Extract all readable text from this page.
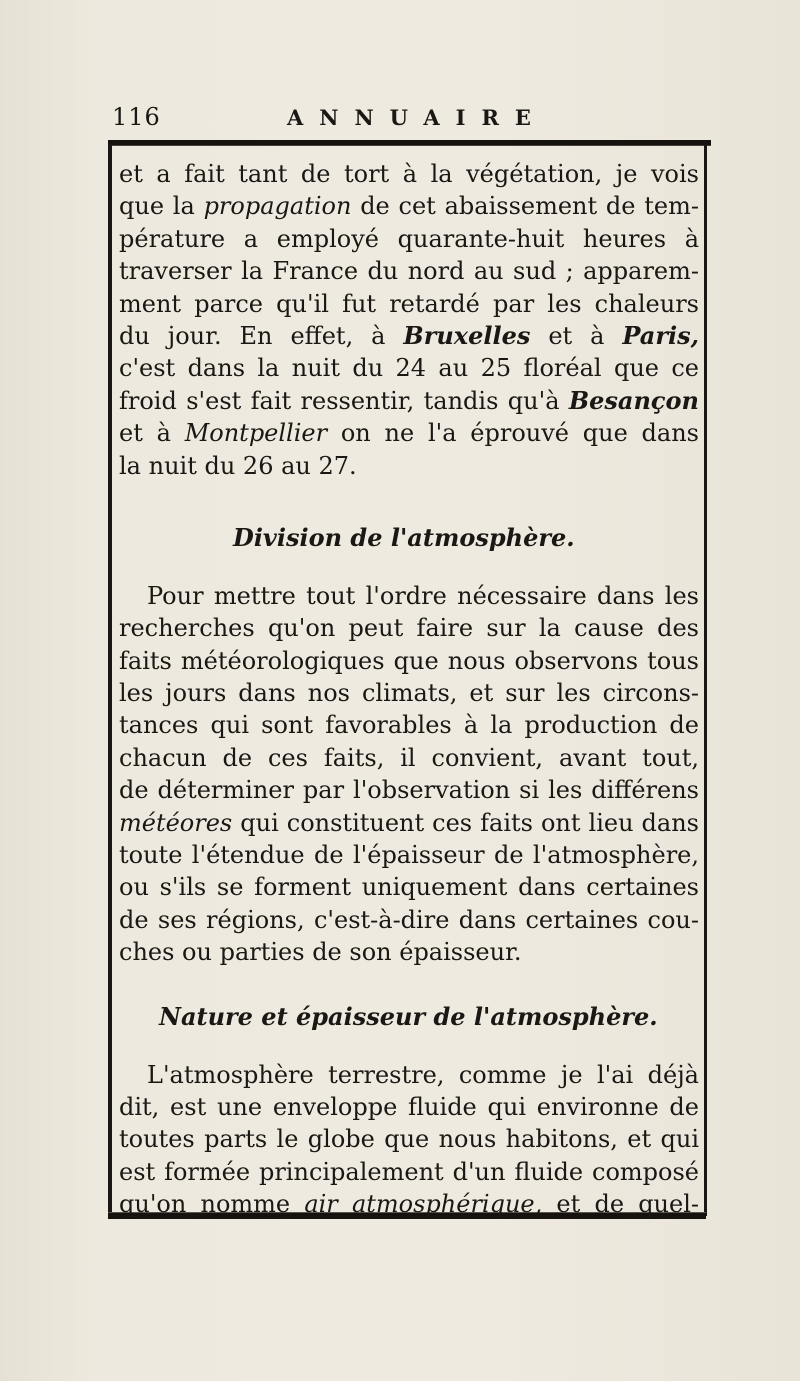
116	ANNUAIRE
et a fait tant de tort à la végétation, je vois
que la propagation de cet abaissement de tem-
pérature a employé quarante-huit heures à
traverser la France du nord au sud ; apparem-
ment parce qu'il fut retardé par les chaleurs
du jour. En effet, à Bruxelles et à Paris,
c'est dans la nuit du 24 au 25 floréal que ce
froid s'est fait ressentir, tandis qu'à Besançon
et à Montpellier on ne l'a éprouvé que dans
la nuit du 26 au 27.
Division de l'atmosphère.
Pour mettre tout l'ordre nécessaire dans les
recherches qu'on peut faire sur la cause des
faits météorologiques que nous observons tous
les jours dans nos climats, et sur les circons-
tances qui sont favorables à la production de
chacun de ces faits, il convient, avant tout,
de déterminer par l'observation si les différens
météores qui constituent ces faits ont lieu dans
toute l'étendue de l'épaisseur de l'atmosphère,
ou s'ils se forment uniquement dans certaines
de ses régions, c'est-à-dire dans certaines cou-
ches ou parties de son épaisseur.
Nature et épaisseur de l'atmosphère.
L'atmosphère terrestre, comme je l'ai déjà
dit, est une enveloppe fluide qui environne de
toutes parts le globe que nous habitons, et qui
est formée principalement d'un fluide composé
qu'on nomme air atmosphérique, et de quel-
